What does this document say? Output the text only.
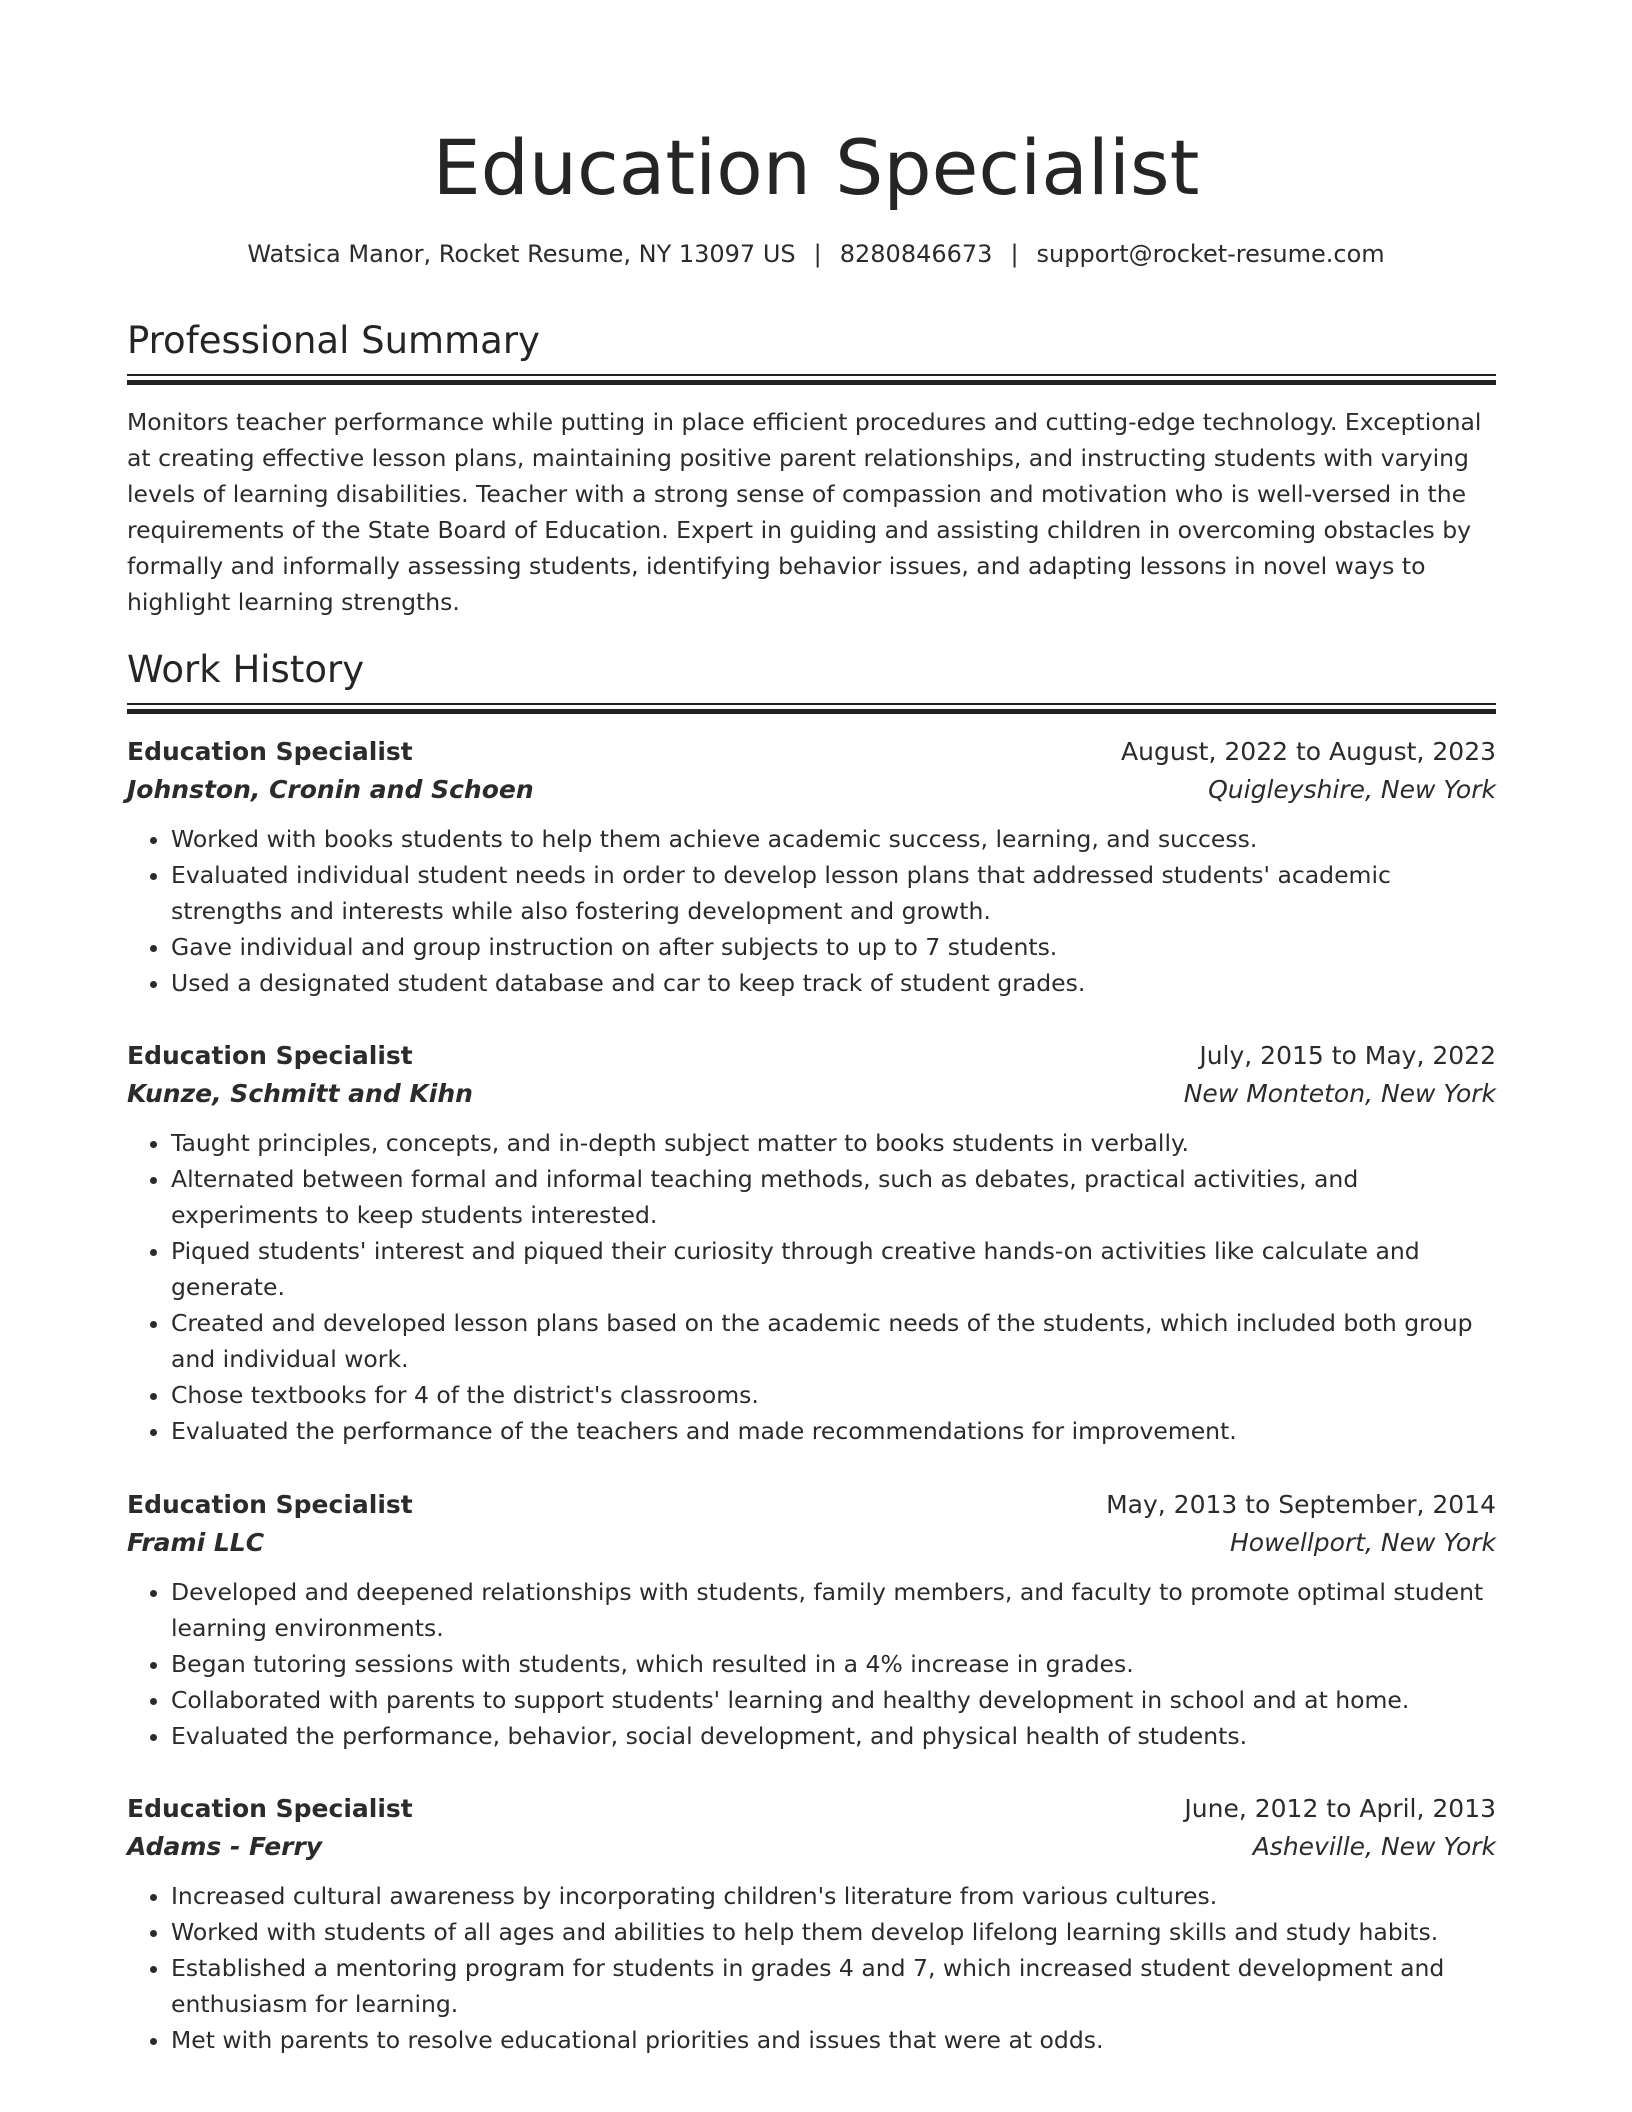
Education Specialist
Watsica Manor, Rocket Resume, NY 13097 US | 8280846673 | support@rocket-resume.com
Professional Summary

Monitors teacher performance while putting in place efficient procedures and cutting-edge technology. Exceptional at creating effective lesson plans, maintaining positive parent relationships, and instructing students with varying levels of learning disabilities. Teacher with a strong sense of compassion and motivation who is well-versed in the requirements of the State Board of Education. Expert in guiding and assisting children in overcoming obstacles by formally and informally assessing students, identifying behavior issues, and adapting lessons in novel ways to highlight learning strengths.

Work History
Education Specialist	August, 2022 to August, 2023
Johnston, Cronin and Schoen	Quigleyshire, New York
• Worked with books students to help them achieve academic success, learning, and success.
• Evaluated individual student needs in order to develop lesson plans that addressed students' academic strengths and interests while also fostering development and growth.
• Gave individual and group instruction on after subjects to up to 7 students.
• Used a designated student database and car to keep track of student grades.
Education Specialist	July, 2015 to May, 2022
Kunze, Schmitt and Kihn	New Monteton, New York
• Taught principles, concepts, and in-depth subject matter to books students in verbally.
• Alternated between formal and informal teaching methods, such as debates, practical activities, and experiments to keep students interested.
• Piqued students' interest and piqued their curiosity through creative hands-on activities like calculate and generate.
• Created and developed lesson plans based on the academic needs of the students, which included both group and individual work.
• Chose textbooks for 4 of the district's classrooms.
• Evaluated the performance of the teachers and made recommendations for improvement.
Education Specialist	May, 2013 to September, 2014
Frami LLC	Howellport, New York
• Developed and deepened relationships with students, family members, and faculty to promote optimal student learning environments.
• Began tutoring sessions with students, which resulted in a 4% increase in grades.
• Collaborated with parents to support students' learning and healthy development in school and at home.
• Evaluated the performance, behavior, social development, and physical health of students.
Education Specialist	June, 2012 to April, 2013
Adams - Ferry	Asheville, New York
• Increased cultural awareness by incorporating children's literature from various cultures.
• Worked with students of all ages and abilities to help them develop lifelong learning skills and study habits.
• Established a mentoring program for students in grades 4 and 7, which increased student development and enthusiasm for learning.
• Met with parents to resolve educational priorities and issues that were at odds.
